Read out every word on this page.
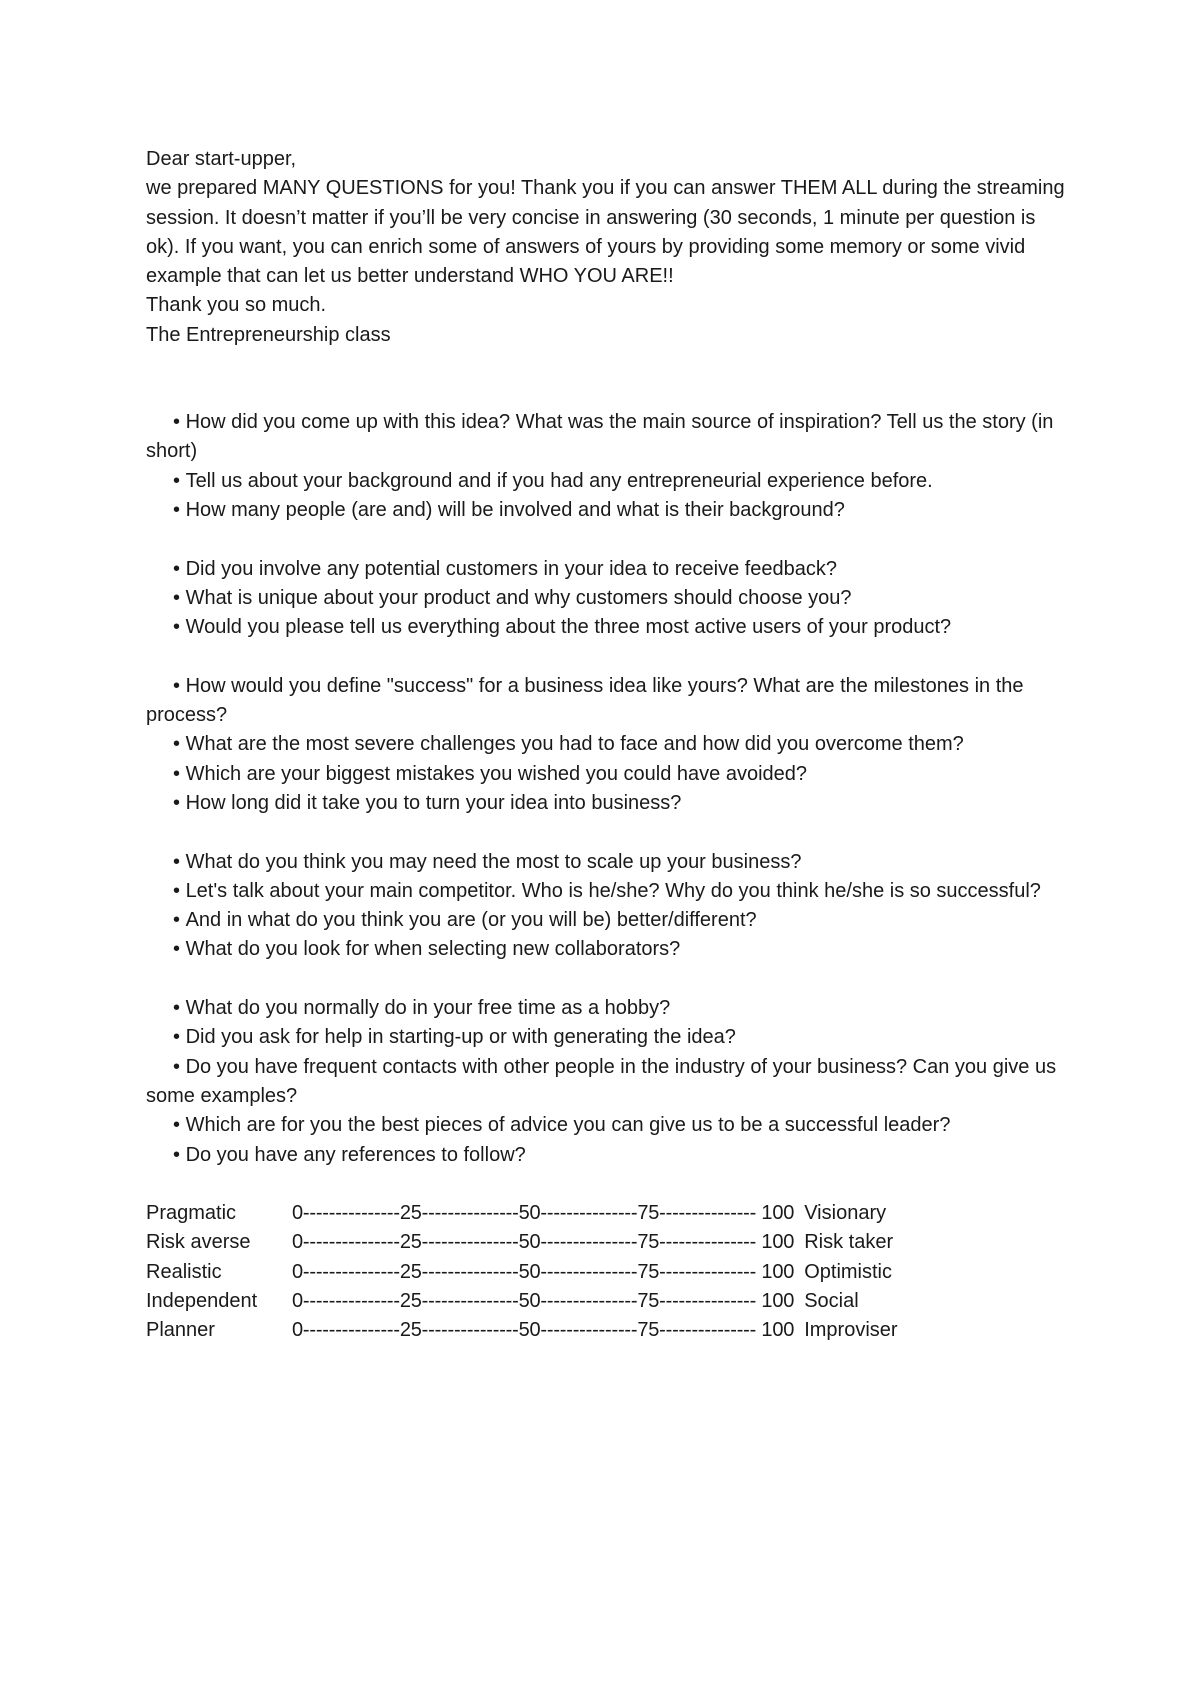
Dear start-upper,
we prepared MANY QUESTIONS for you! Thank you if you can answer THEM ALL during the streaming session. It doesn’t matter if you’ll be very concise in answering (30 seconds, 1 minute per question is ok). If you want, you can enrich some of answers of yours by providing some memory or some vivid example that can let us better understand WHO YOU ARE!!
Thank you so much.
The Entrepreneurship class
• How did you come up with this idea? What was the main source of inspiration? Tell us the story (in short)
• Tell us about your background and if you had any entrepreneurial experience before.
• How many people (are and) will be involved and what is their background?
• Did you involve any potential customers in your idea to receive feedback?
• What is unique about your product and why customers should choose you?
• Would you please tell us everything about the three most active users of your product?
• How would you define "success" for a business idea like yours? What are the milestones in the process?
• What are the most severe challenges you had to face and how did you overcome them?
• Which are your biggest mistakes you wished you could have avoided?
• How long did it take you to turn your idea into business?
• What do you think you may need the most to scale up your business?
• Let's talk about your main competitor. Who is he/she? Why do you think he/she is so successful?
• And in what do you think you are (or you will be) better/different?
• What do you look for when selecting new collaborators?
• What do you normally do in your free time as a hobby?
• Did you ask for help in starting-up or with generating the idea?
• Do you have frequent contacts with other people in the industry of your business? Can you give us some examples?
• Which are for you the best pieces of advice you can give us to be a successful leader?
• Do you have any references to follow?
Pragmatic	0---------------25---------------50---------------75--------------- 100 Visionary
Risk averse	0---------------25---------------50---------------75--------------- 100 Risk taker
Realistic	0---------------25---------------50---------------75--------------- 100 Optimistic
Independent	0---------------25---------------50---------------75--------------- 100 Social
Planner	0---------------25---------------50---------------75--------------- 100 Improviser
